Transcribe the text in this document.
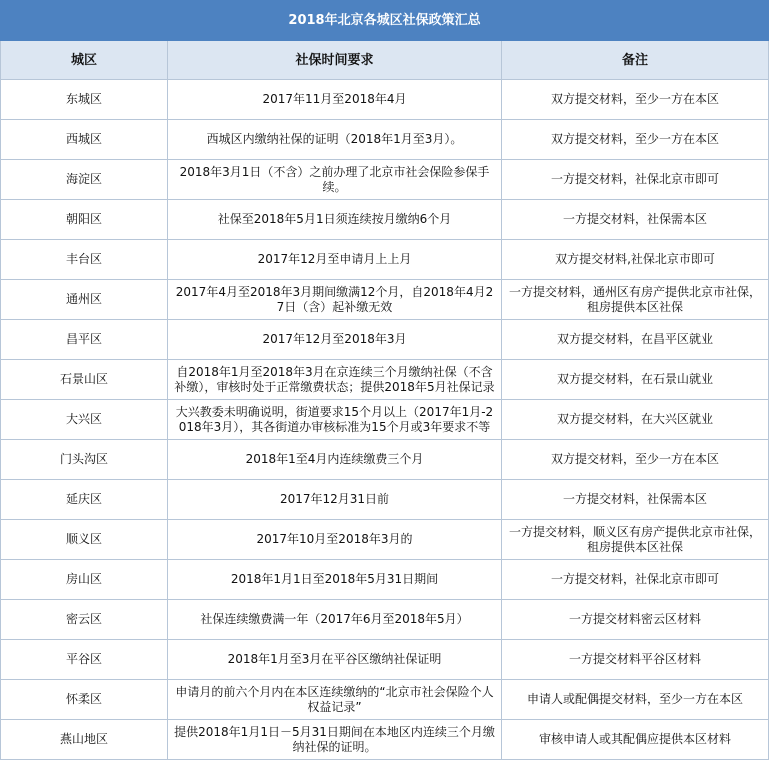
2018年北京各城区社保政策汇总		
城区	社保时间要求	备注

东城区	2017年11月至2018年4月	双方提交材料，至少一方在本区

西城区	西城区内缴纳社保的证明（2018年1月至3月）。	双方提交材料，至少一方在本区

海淀区	2018年3月1日（不含）之前办理了北京市社会保险参保手续。	一方提交材料，社保北京市即可

朝阳区	社保至2018年5月1日须连续按月缴纳6个月	一方提交材料，社保需本区

丰台区	2017年12月至申请月上上月	双方提交材料,社保北京市即可

通州区	2017年4月至2018年3月期间缴满12个月，自2018年4月27日（含）起补缴无效	一方提交材料，通州区有房产提供北京市社保，租房提供本区社保

昌平区	2017年12月至2018年3月	双方提交材料，在昌平区就业

石景山区	自2018年1月至2018年3月在京连续三个月缴纳社保（不含补缴），审核时处于正常缴费状态；提供2018年5月社保记录	双方提交材料，在石景山就业

大兴区	大兴教委未明确说明，街道要求15个月以上（2017年1月-2018年3月），其各街道办审核标准为15个月或3年要求不等	双方提交材料，在大兴区就业

门头沟区	2018年1至4月内连续缴费三个月	双方提交材料，至少一方在本区

延庆区	2017年12月31日前	一方提交材料，社保需本区

顺义区	2017年10月至2018年3月的	一方提交材料，顺义区有房产提供北京市社保，租房提供本区社保

房山区	2018年1月1日至2018年5月31日期间	一方提交材料，社保北京市即可

密云区	社保连续缴费满一年（2017年6月至2018年5月）	一方提交材料密云区材料

平谷区	2018年1月至3月在平谷区缴纳社保证明	一方提交材料平谷区材料

怀柔区	申请月的前六个月内在本区连续缴纳的“北京市社会保险个人权益记录”	申请人或配偶提交材料，至少一方在本区

燕山地区	提供2018年1月1日－5月31日期间在本地区内连续三个月缴纳社保的证明。	审核申请人或其配偶应提供本区材料
